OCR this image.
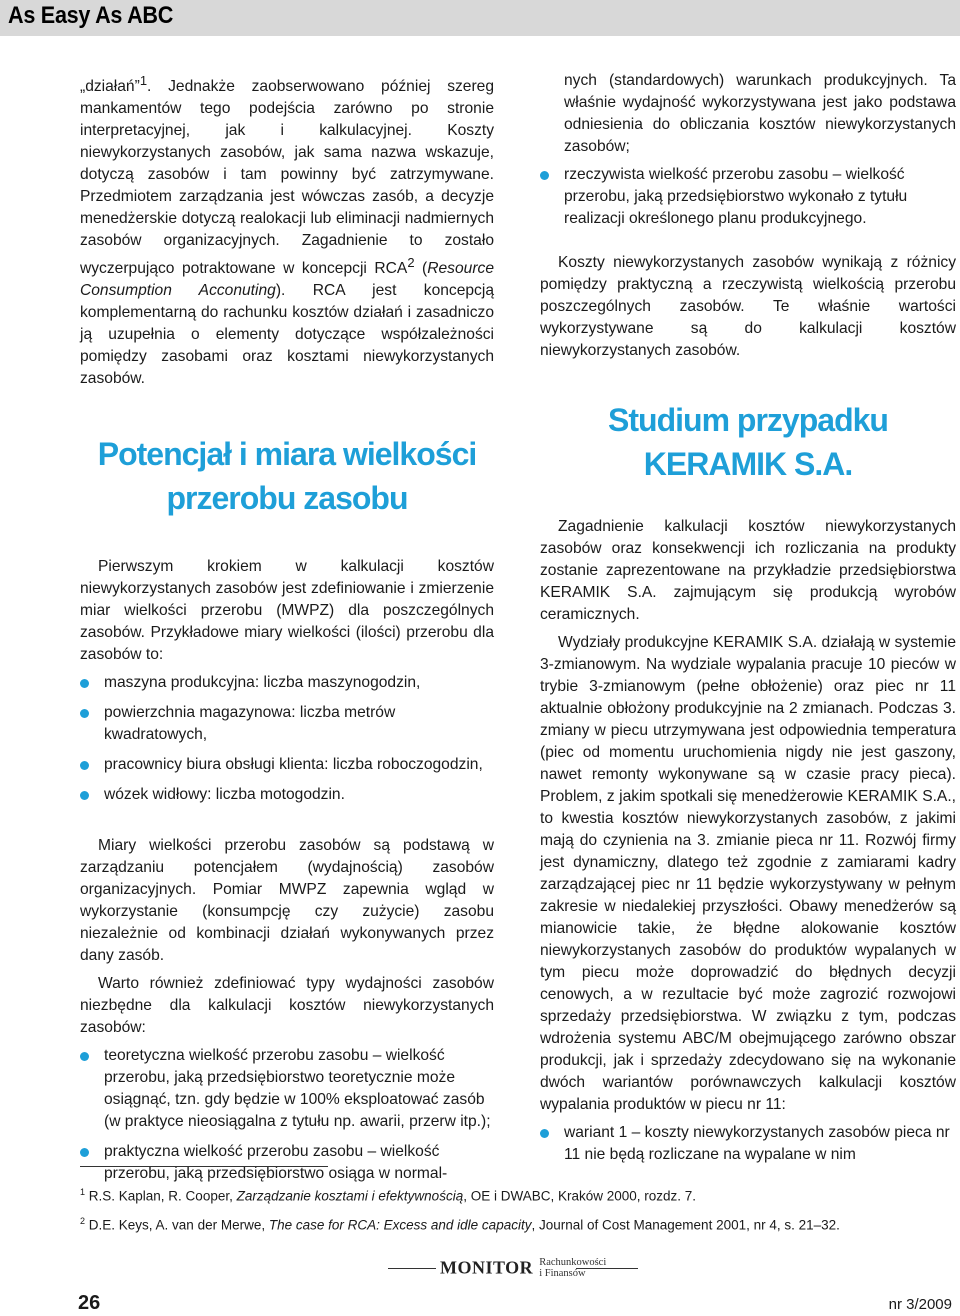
As Easy As ABC

„działań”$^1$. Jednakże zaobserwowano później szereg mankamentów tego podejścia zarówno po stronie interpretacyjnej, jak i kalkulacyjnej. Koszty niewykorzystanych zasobów, jak sama nazwa wskazuje, dotyczą zasobów i tam powinny być zatrzymywane. Przedmiotem zarządzania jest wówczas zasób, a decyzje menedżerskie dotyczą realokacji lub eliminacji nadmiernych zasobów organizacyjnych. Zagadnienie to zostało wyczerpująco potraktowane w koncepcji RCA$^2$ (Resource Consumption Acconuting). RCA jest koncepcją komplementarną do rachunku kosztów działań i zasadniczo ją uzupełnia o elementy dotyczące współzależności pomiędzy zasobami oraz kosztami niewykorzystanych zasobów.

Potencjał i miara wielkości
przerobu zasobu

Pierwszym krokiem w kalkulacji kosztów niewykorzystanych zasobów jest zdefiniowanie i zmierzenie miar wielkości przerobu (MWPZ) dla poszczególnych zasobów. Przykładowe miary wielkości (ilości) przerobu dla zasobów to:

maszyna produkcyjna: liczba maszynogodzin,
powierzchnia magazynowa: liczba metrów kwadratowych,
pracownicy biura obsługi klienta: liczba roboczogodzin,
wózek widłowy: liczba motogodzin.

Miary wielkości przerobu zasobów są podstawą w zarządzaniu potencjałem (wydajnością) zasobów organizacyjnych. Pomiar MWPZ zapewnia wgląd w wykorzystanie (konsumpcję czy zużycie) zasobu niezależnie od kombinacji działań wykonywanych przez dany zasób.

Warto również zdefiniować typy wydajności zasobów niezbędne dla kalkulacji kosztów niewykorzystanych zasobów:

teoretyczna wielkość przerobu zasobu – wielkość przerobu, jaką przedsiębiorstwo teoretycznie może osiągnąć, tzn. gdy będzie w 100% eksploatować zasób (w praktyce nieosiągalna z tytułu np. awarii, przerw itp.);
praktyczna wielkość przerobu zasobu – wielkość przerobu, jaką przedsiębiorstwo osiąga w normal-

nych (standardowych) warunkach produkcyjnych. Ta właśnie wydajność wykorzystywana jest jako podstawa odniesienia do obliczania kosztów niewykorzystanych zasobów;

rzeczywista wielkość przerobu zasobu – wielkość przerobu, jaką przedsiębiorstwo wykonało z tytułu realizacji określonego planu produkcyjnego.

Koszty niewykorzystanych zasobów wynikają z różnicy pomiędzy praktyczną a rzeczywistą wielkością przerobu poszczególnych zasobów. Te właśnie wartości wykorzystywane są do kalkulacji kosztów niewykorzystanych zasobów.

Studium przypadku KERAMIK S.A.

Zagadnienie kalkulacji kosztów niewykorzystanych zasobów oraz konsekwencji ich rozliczania na produkty zostanie zaprezentowane na przykładzie przedsiębiorstwa KERAMIK S.A. zajmującym się produkcją wyrobów ceramicznych.

Wydziały produkcyjne KERAMIK S.A. działają w systemie 3-zmianowym. Na wydziale wypalania pracuje 10 pieców w trybie 3-zmianowym (pełne obłożenie) oraz piec nr 11 aktualnie obłożony produkcyjnie na 2 zmianach. Podczas 3. zmiany w piecu utrzymywana jest odpowiednia temperatura (piec od momentu uruchomienia nigdy nie jest gaszony, nawet remonty wykonywane są w czasie pracy pieca). Problem, z jakim spotkali się menedżerowie KERAMIK S.A., to kwestia kosztów niewykorzystanych zasobów, z jakimi mają do czynienia na 3. zmianie pieca nr 11. Rozwój firmy jest dynamiczny, dlatego też zgodnie z zamiarami kadry zarządzającej piec nr 11 będzie wykorzystywany w pełnym zakresie w niedalekiej przyszłości. Obawy menedżerów są mianowicie takie, że błędne alokowanie kosztów niewykorzystanych zasobów do produktów wypalanych w tym piecu może doprowadzić do błędnych decyzji cenowych, a w rezultacie być może zagrozić rozwojowi sprzedaży przedsiębiorstwa. W związku z tym, podczas wdrożenia systemu ABC/M obejmującego zarówno obszar produkcji, jak i sprzedaży zdecydowano się na wykonanie dwóch wariantów porównawczych kalkulacji kosztów wypalania produktów w piecu nr 11:

wariant 1 – koszty niewykorzystanych zasobów pieca nr 11 nie będą rozliczane na wypalane w nim
$^1$ R.S. Kaplan, R. Cooper, Zarządzanie kosztami i efektywnością, OE i DWABC, Kraków 2000, rozdz. 7.
$^2$ D.E. Keys, A. van der Merwe, The case for RCA: Excess and idle capacity, Journal of Cost Management 2001, nr 4, s. 21–32.
MONITOR Rachunkowości
i Finansów
26	nr 3/2009
